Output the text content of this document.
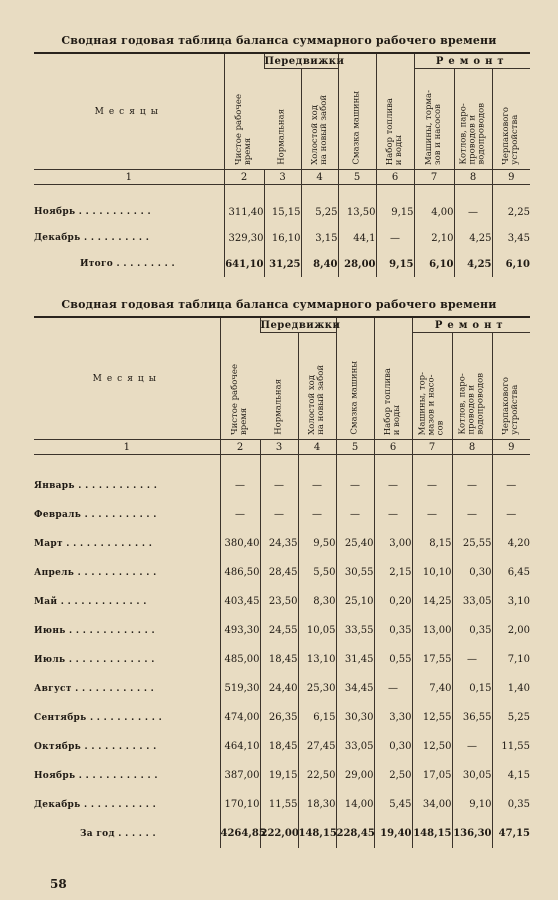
Сводная годовая таблица баланса суммарного рабочего времени
Месяцы	Чистое рабочее
время	Передвижки		Смазка машины	Набор топлива
и воды	Ремонт		

		Нормальная	Холостой ход
на новый забой			Машины, торма-
зов и насосов	Котлов, паро-
проводов и
водопроводов	Черпакового
устройства

1	2	3	4	5	6	7	8	9

Ноябрь . . . . . . . . . . .	311,40	15,15	5,25	13,50	9,15	4,00	—	2,25
Декабрь . . . . . . . . . .	329,30	16,10	3,15	44,1	—	2,10	4,25	3,45
Итого . . . . . . . . .	641,10	31,25	8,40	28,00	9,15	6,10	4,25	6,10
Сводная годовая таблица баланса суммарного рабочего времени
Месяцы	Чистое рабочее
время	Передвижки		Смазка машины	Набор топлива
и воды	Ремонт		

		Нормальная	Холостой ход
на новый забой			Машины, тор-
мазов и насо-
сов	Котлов, паро-
проводов и
водопроводов	Черпакового
устройства

1	2	3	4	5	6	7	8	9

Январь . . . . . . . . . . . .	—	—	—	—	—	—	—	—
Февраль . . . . . . . . . . .	—	—	—	—	—	—	—	—
Март . . . . . . . . . . . . .	380,40	24,35	9,50	25,40	3,00	8,15	25,55	4,20
Апрель . . . . . . . . . . . .	486,50	28,45	5,50	30,55	2,15	10,10	0,30	6,45
Май . . . . . . . . . . . . .	403,45	23,50	8,30	25,10	0,20	14,25	33,05	3,10
Июнь . . . . . . . . . . . . .	493,30	24,55	10,05	33,55	0,35	13,00	0,35	2,00
Июль . . . . . . . . . . . . .	485,00	18,45	13,10	31,45	0,55	17,55	—	7,10
Август . . . . . . . . . . . .	519,30	24,40	25,30	34,45	—	7,40	0,15	1,40
Сентябрь . . . . . . . . . . .	474,00	26,35	6,15	30,30	3,30	12,55	36,55	5,25
Октябрь . . . . . . . . . . .	464,10	18,45	27,45	33,05	0,30	12,50	—	11,55
Ноябрь . . . . . . . . . . . .	387,00	19,15	22,50	29,00	2,50	17,05	30,05	4,15
Декабрь . . . . . . . . . . .	170,10	11,55	18,30	14,00	5,45	34,00	9,10	0,35
За год . . . . . .	4264,85	222,00	148,15	228,45	19,40	148,15	136,30	47,15
58
